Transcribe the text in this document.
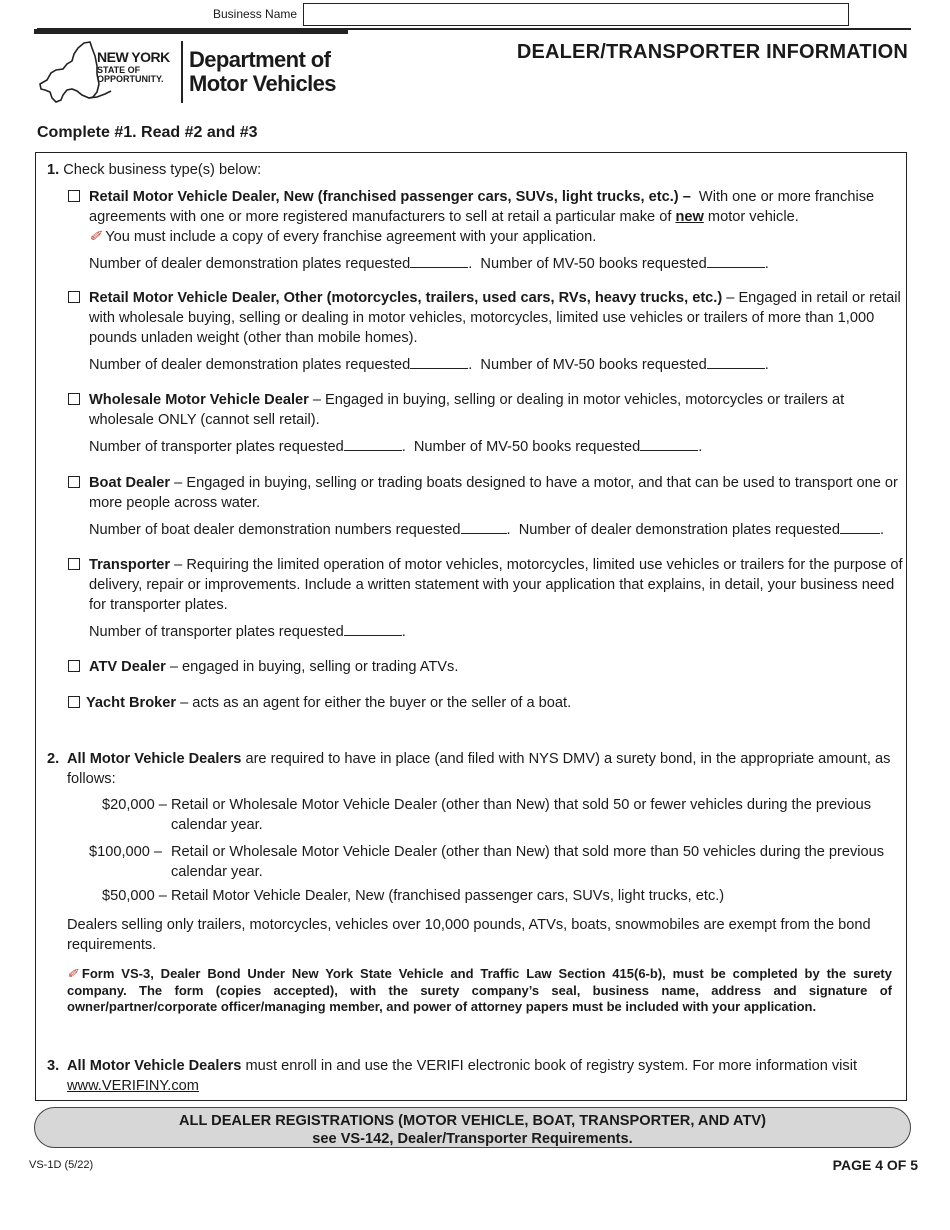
Business Name
NEW YORK
STATE OF
OPPORTUNITY.
Department of
Motor Vehicles
DEALER/TRANSPORTER INFORMATION
Complete #1. Read #2 and #3
1. Check business type(s) below:
Retail Motor Vehicle Dealer, New (franchised passenger cars, SUVs, light trucks, etc.) – With one or more franchise agreements with one or more registered manufacturers to sell at retail a particular make of new motor vehicle.
✐ You must include a copy of every franchise agreement with your application.
Number of dealer demonstration plates requested	.  Number of MV-50 books requested	.
Retail Motor Vehicle Dealer, Other (motorcycles, trailers, used cars, RVs, heavy trucks, etc.) – Engaged in retail or retail with wholesale buying, selling or dealing in motor vehicles, motorcycles, limited use vehicles or trailers of more than 1,000 pounds unladen weight (other than mobile homes).
Number of dealer demonstration plates requested	.  Number of MV-50 books requested	.
Wholesale Motor Vehicle Dealer – Engaged in buying, selling or dealing in motor vehicles, motorcycles or trailers at wholesale ONLY (cannot sell retail).
Number of transporter plates requested	.  Number of MV-50 books requested	.
Boat Dealer – Engaged in buying, selling or trading boats designed to have a motor, and that can be used to transport one or more people across water.
Number of boat dealer demonstration numbers requested	.  Number of dealer demonstration plates requested	.
Transporter – Requiring the limited operation of motor vehicles, motorcycles, limited use vehicles or trailers for the purpose of delivery, repair or improvements. Include a written statement with your application that explains, in detail, your business need for transporter plates.
Number of transporter plates requested	.
ATV Dealer – engaged in buying, selling or trading ATVs.
Yacht Broker – acts as an agent for either the buyer or the seller of a boat.
2. All Motor Vehicle Dealers are required to have in place (and filed with NYS DMV) a surety bond, in the appropriate amount, as follows:
$20,000 – Retail or Wholesale Motor Vehicle Dealer (other than New) that sold 50 or fewer vehicles during the previous calendar year.
$100,000 – Retail or Wholesale Motor Vehicle Dealer (other than New) that sold more than 50 vehicles during the previous calendar year.
$50,000 – Retail Motor Vehicle Dealer, New (franchised passenger cars, SUVs, light trucks, etc.)
Dealers selling only trailers, motorcycles, vehicles over 10,000 pounds, ATVs, boats, snowmobiles are exempt from the bond requirements.
✐ Form VS-3, Dealer Bond Under New York State Vehicle and Traffic Law Section 415(6-b), must be completed by the surety company. The form (copies accepted), with the surety company’s seal, business name, address and signature of owner/partner/corporate officer/managing member, and power of attorney papers must be included with your application.
3. All Motor Vehicle Dealers must enroll in and use the VERIFI electronic book of registry system. For more information visit www.VERIFINY.com
ALL DEALER REGISTRATIONS (MOTOR VEHICLE, BOAT, TRANSPORTER, AND ATV)
see VS-142, Dealer/Transporter Requirements.
VS-1D (5/22)	PAGE 4 OF 5
